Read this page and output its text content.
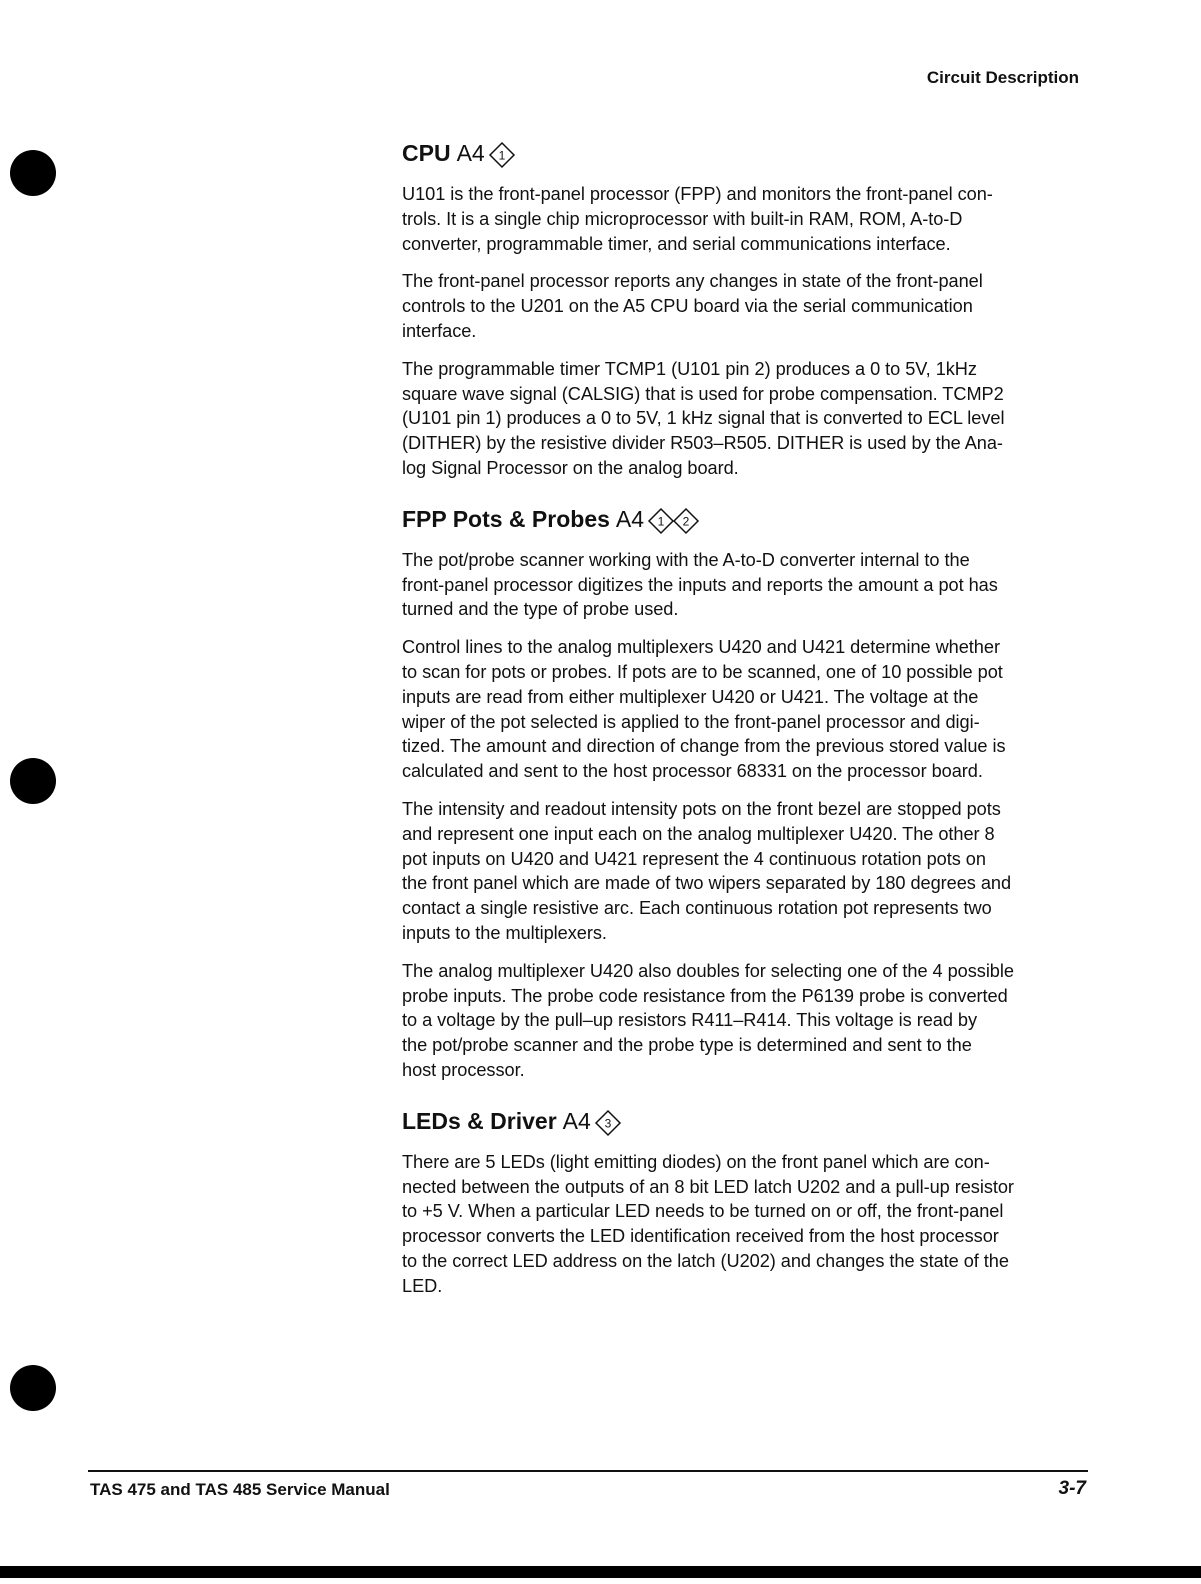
Circuit Description
CPU A4 1

U101 is the front-panel processor (FPP) and monitors the front-panel con-
trols. It is a single chip microprocessor with built-in RAM, ROM, A-to-D
converter, programmable timer, and serial communications interface.

The front-panel processor reports any changes in state of the front-panel
controls to the U201 on the A5 CPU board via the serial communication
interface.

The programmable timer TCMP1 (U101 pin 2) produces a 0 to 5V, 1kHz
square wave signal (CALSIG) that is used for probe compensation. TCMP2
(U101 pin 1) produces a 0 to 5V, 1 kHz signal that is converted to ECL level
(DITHER) by the resistive divider R503–R505. DITHER is used by the Ana-
log Signal Processor on the analog board.

FPP Pots & Probes A4 1 2

The pot/probe scanner working with the A-to-D converter internal to the
front-panel processor digitizes the inputs and reports the amount a pot has
turned and the type of probe used.

Control lines to the analog multiplexers U420 and U421 determine whether
to scan for pots or probes. If pots are to be scanned, one of 10 possible pot
inputs are read from either multiplexer U420 or U421. The voltage at the
wiper of the pot selected is applied to the front-panel processor and digi-
tized. The amount and direction of change from the previous stored value is
calculated and sent to the host processor 68331 on the processor board.

The intensity and readout intensity pots on the front bezel are stopped pots
and represent one input each on the analog multiplexer U420. The other 8
pot inputs on U420 and U421 represent the 4 continuous rotation pots on
the front panel which are made of two wipers separated by 180 degrees and
contact a single resistive arc. Each continuous rotation pot represents two
inputs to the multiplexers.

The analog multiplexer U420 also doubles for selecting one of the 4 possible
probe inputs. The probe code resistance from the P6139 probe is converted
to a voltage by the pull–up resistors R411–R414. This voltage is read by
the pot/probe scanner and the probe type is determined and sent to the
host processor.

LEDs & Driver A4 3

There are 5 LEDs (light emitting diodes) on the front panel which are con-
nected between the outputs of an 8 bit LED latch U202 and a pull-up resistor
to +5 V. When a particular LED needs to be turned on or off, the front-panel
processor converts the LED identification received from the host processor
to the correct LED address on the latch (U202) and changes the state of the
LED.

TAS 475 and TAS 485 Service Manual	3-7
